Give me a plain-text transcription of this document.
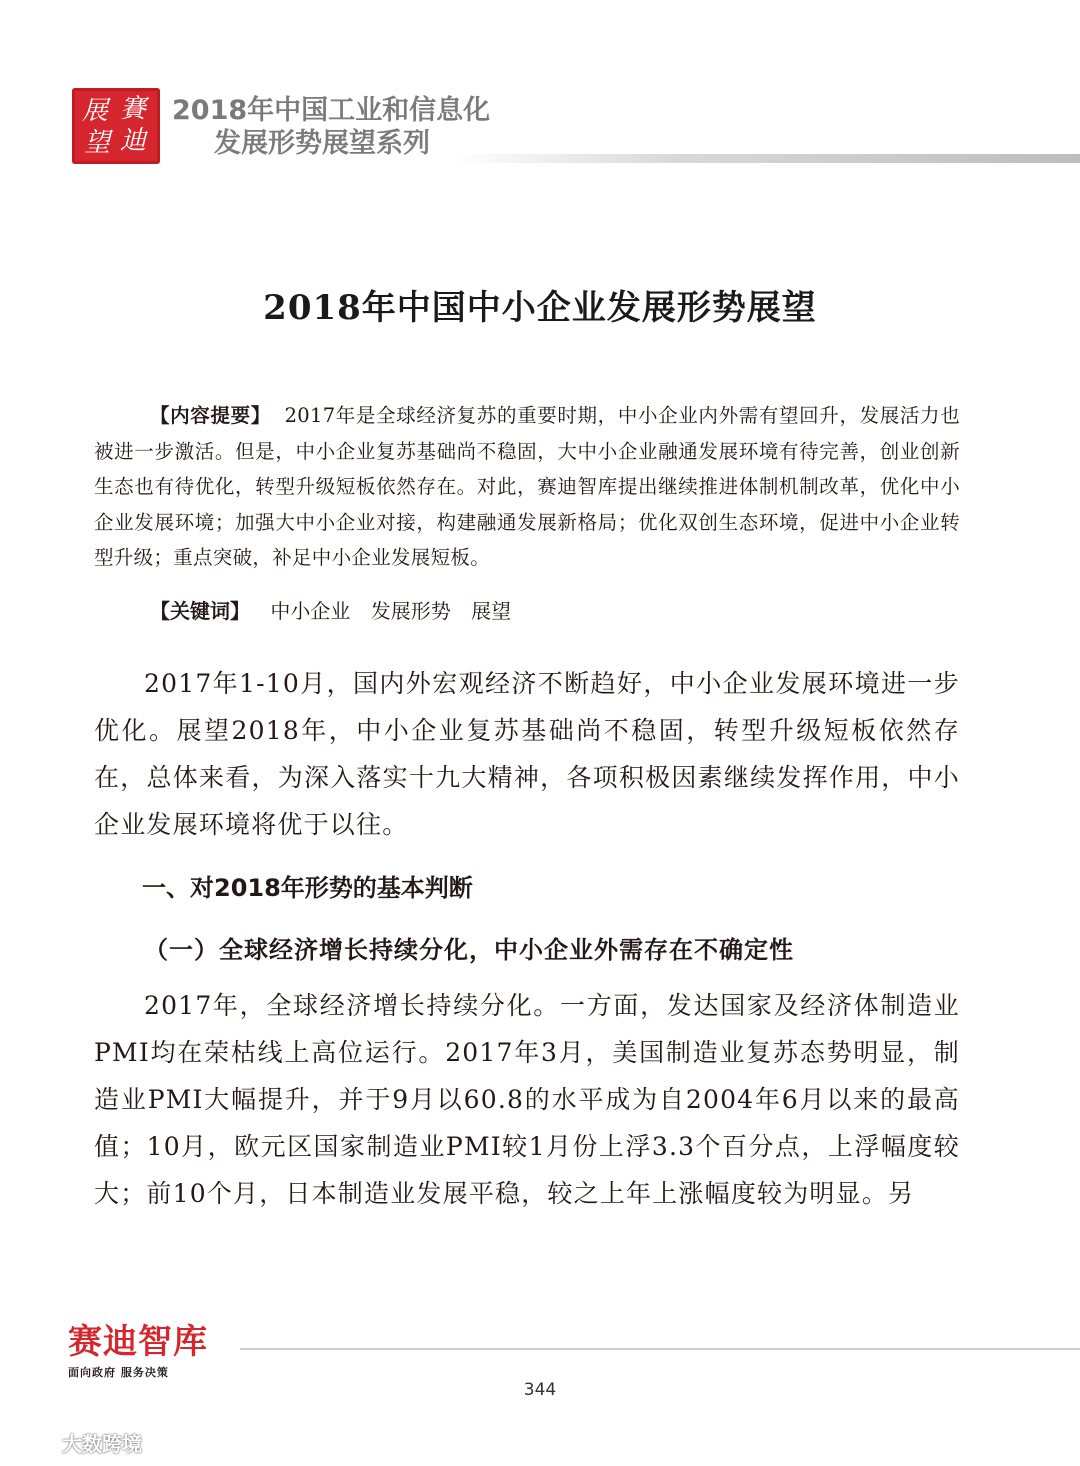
賽
迪
展
望
2018年中国工业和信息化
发展形势展望系列
2018年中国中小企业发展形势展望
【内容提要】 2017年是全球经济复苏的重要时期，中小企业内外需有望回升，发展活力也被进一步激活。但是，中小企业复苏基础尚不稳固，大中小企业融通发展环境有待完善，创业创新生态也有待优化，转型升级短板依然存在。对此，赛迪智库提出继续推进体制机制改革，优化中小企业发展环境；加强大中小企业对接，构建融通发展新格局；优化双创生态环境，促进中小企业转型升级；重点突破，补足中小企业发展短板。
【关键词】 中小企业 发展形势 展望
2017年1-10月，国内外宏观经济不断趋好，中小企业发展环境进一步优化。展望2018年，中小企业复苏基础尚不稳固，转型升级短板依然存在，总体来看，为深入落实十九大精神，各项积极因素继续发挥作用，中小企业发展环境将优于以往。
一、对2018年形势的基本判断
（一）全球经济增长持续分化，中小企业外需存在不确定性
2017年，全球经济增长持续分化。一方面，发达国家及经济体制造业PMI均在荣枯线上高位运行。2017年3月，美国制造业复苏态势明显，制造业PMI大幅提升，并于9月以60.8的水平成为自2004年6月以来的最高值；10月，欧元区国家制造业PMI较1月份上浮3.3个百分点，上浮幅度较大；前10个月，日本制造业发展平稳，较之上年上涨幅度较为明显。另
赛迪智库
面向政府 服务决策
344
大数跨境
